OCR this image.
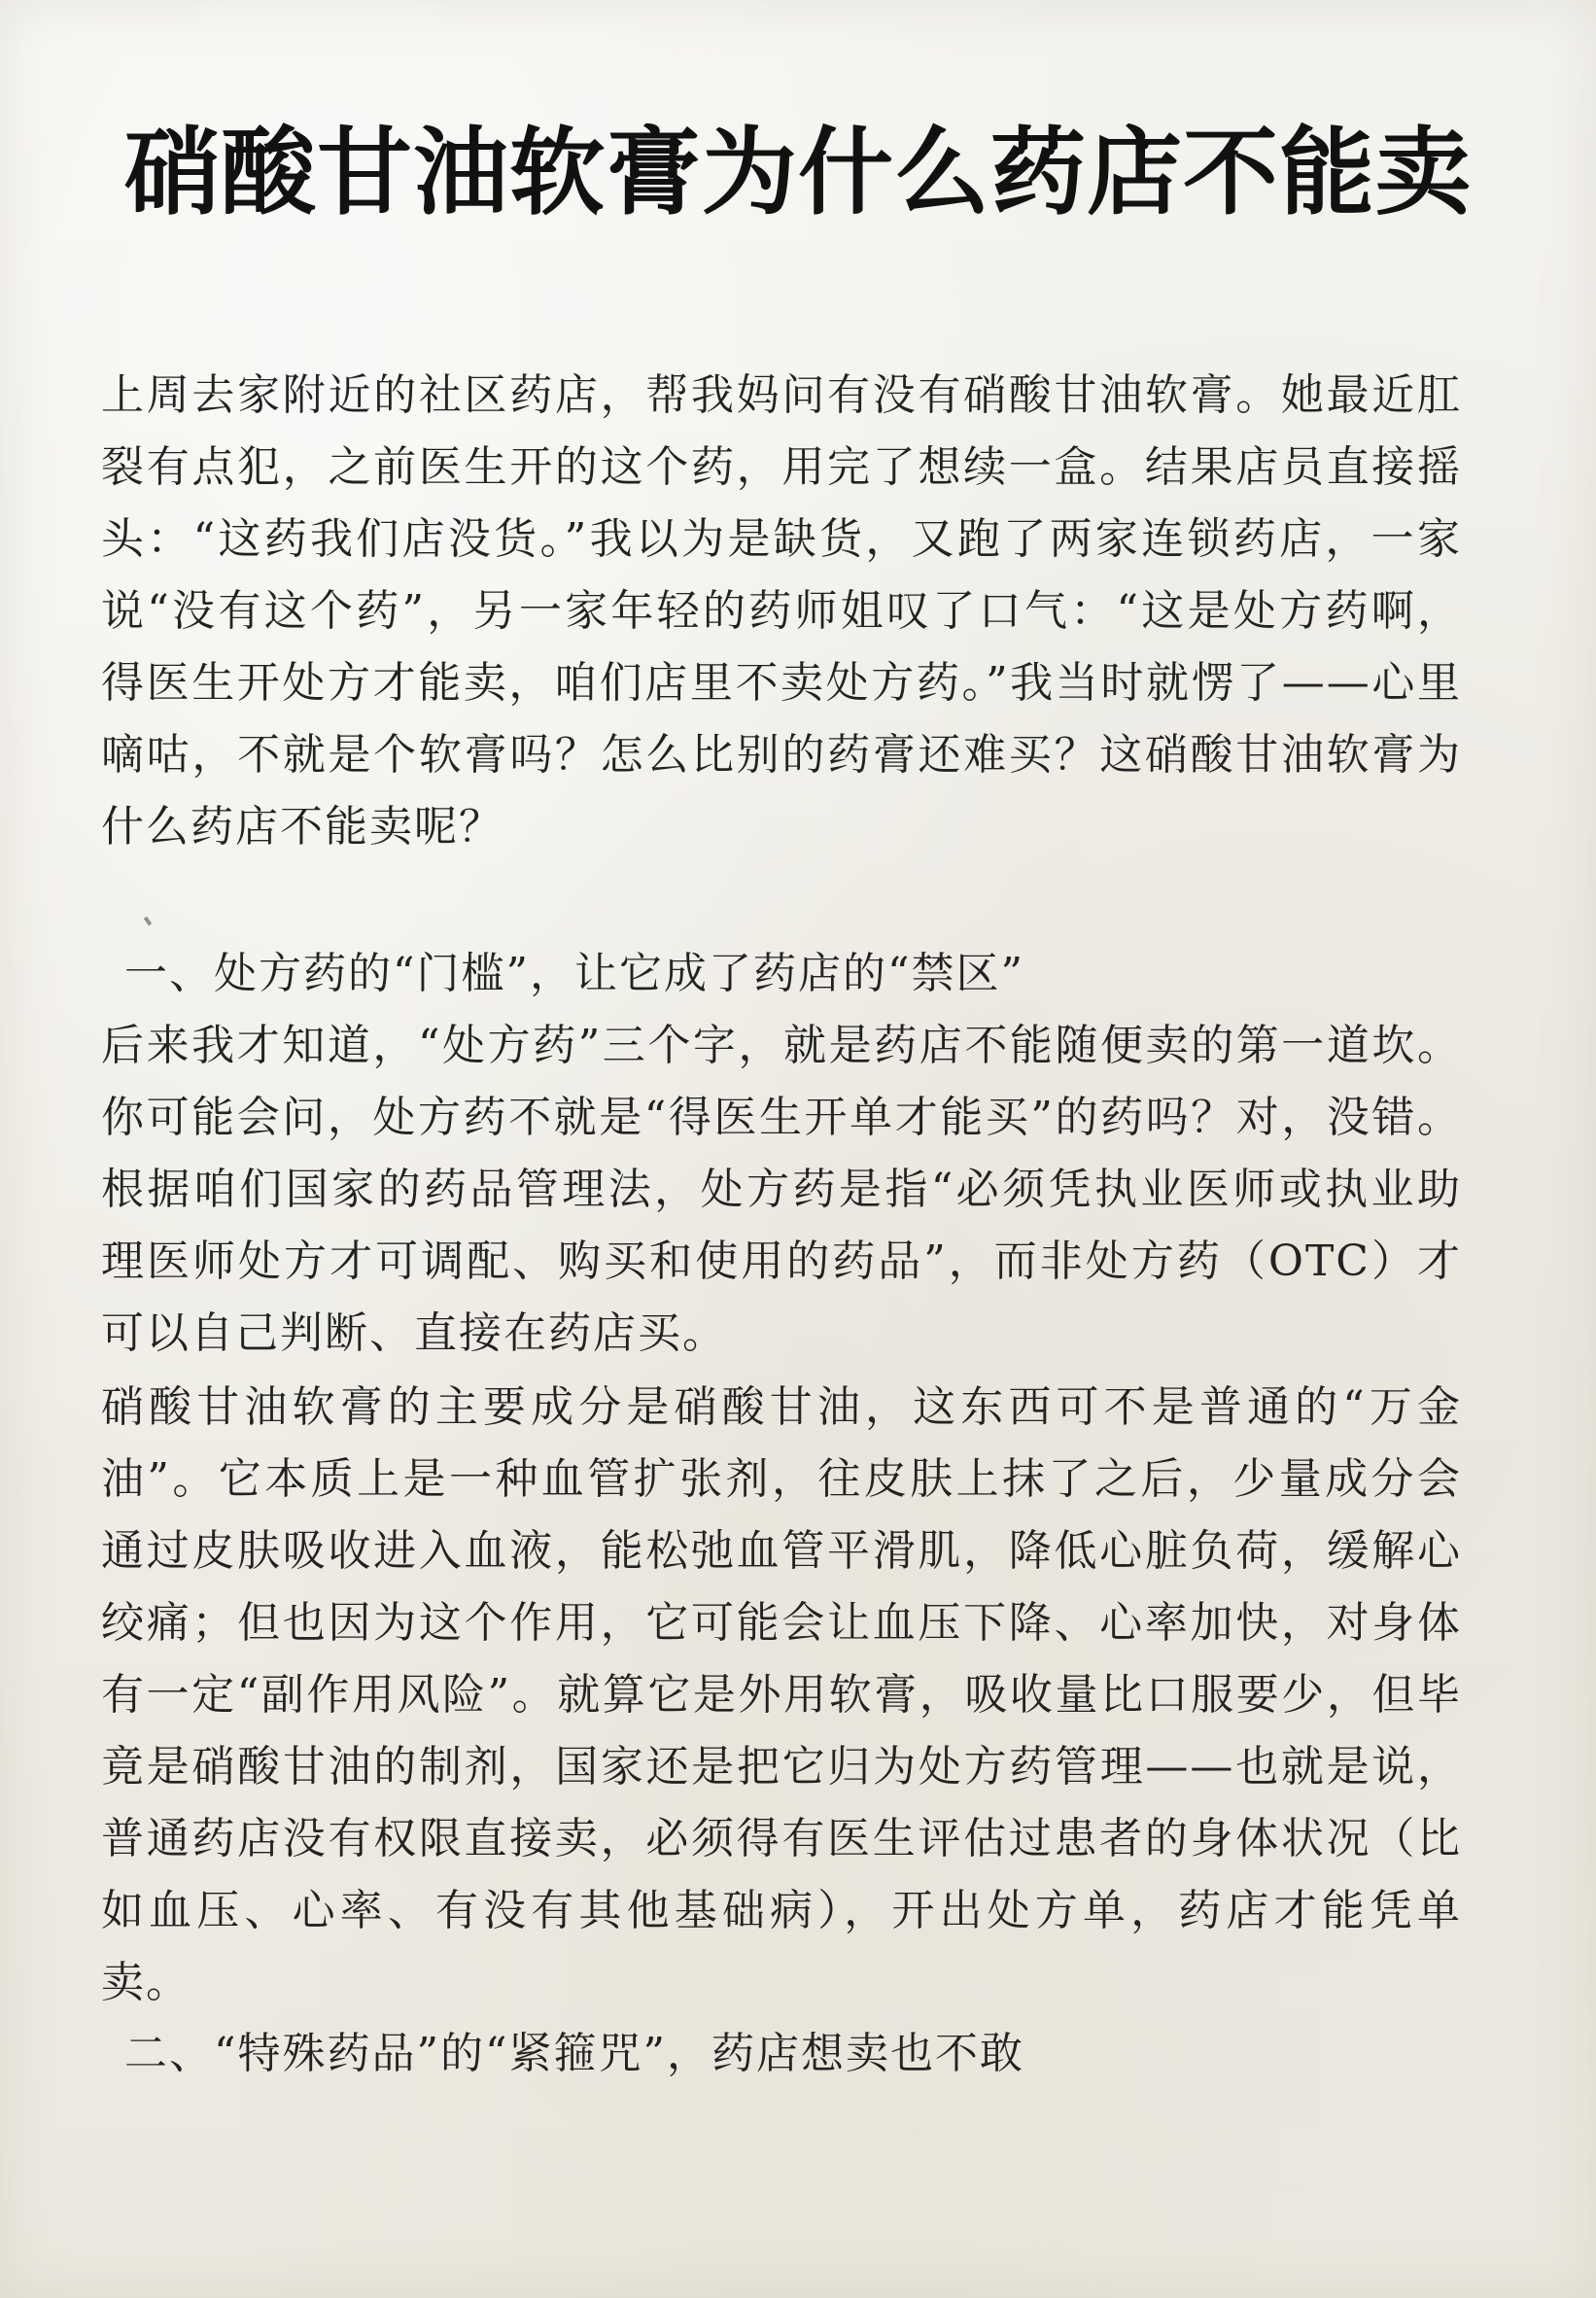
硝酸甘油软膏为什么药店不能卖

上周去家附近的社区药店，帮我妈问有没有硝酸甘油软膏。她最近肛裂有点犯，之前医生开的这个药，用完了想续一盒。结果店员直接摇头：“这药我们店没货。”我以为是缺货，又跑了两家连锁药店，一家说“没有这个药”，另一家年轻的药师姐叹了口气：“这是处方药啊，得医生开处方才能卖，咱们店里不卖处方药。”我当时就愣了——心里嘀咕，不就是个软膏吗？怎么比别的药膏还难买？这硝酸甘油软膏为什么药店不能卖呢？

一、处方药的“门槛”，让它成了药店的“禁区”

后来我才知道，“处方药”三个字，就是药店不能随便卖的第一道坎。你可能会问，处方药不就是“得医生开单才能买”的药吗？对，没错。根据咱们国家的药品管理法，处方药是指“必须凭执业医师或执业助理医师处方才可调配、购买和使用的药品”，而非处方药（OTC）才可以自己判断、直接在药店买。

硝酸甘油软膏的主要成分是硝酸甘油，这东西可不是普通的“万金油”。它本质上是一种血管扩张剂，往皮肤上抹了之后，少量成分会通过皮肤吸收进入血液，能松弛血管平滑肌，降低心脏负荷，缓解心绞痛；但也因为这个作用，它可能会让血压下降、心率加快，对身体有一定“副作用风险”。就算它是外用软膏，吸收量比口服要少，但毕竟是硝酸甘油的制剂，国家还是把它归为处方药管理——也就是说，普通药店没有权限直接卖，必须得有医生评估过患者的身体状况（比如血压、心率、有没有其他基础病），开出处方单，药店才能凭单卖。

二、“特殊药品”的“紧箍咒”，药店想卖也不敢
